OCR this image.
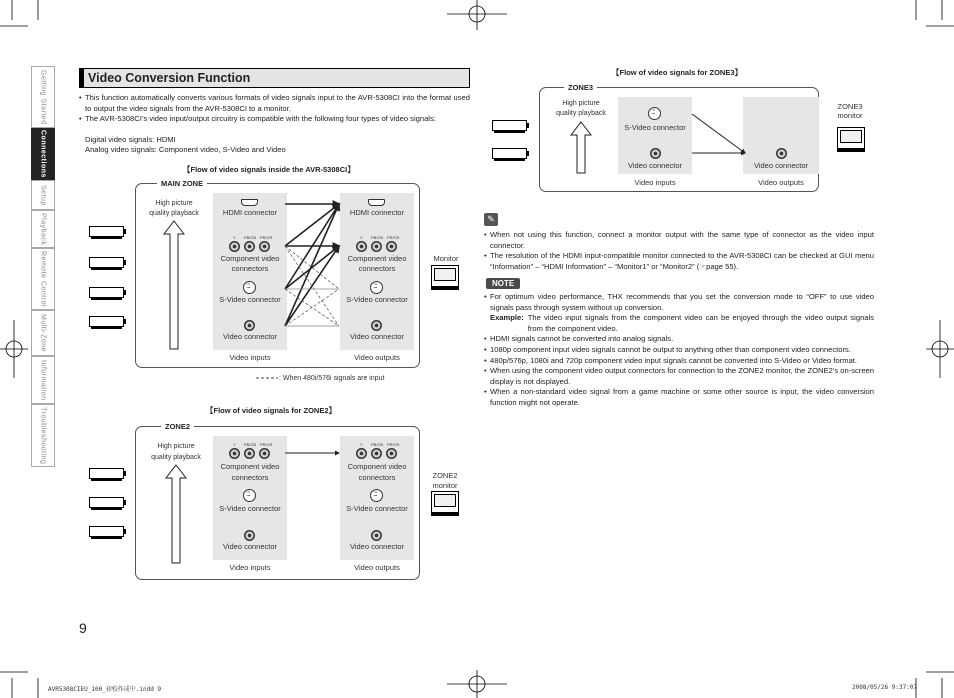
Getting Started
Connections
Setup
Playback
Remote Control
Multi-Zone
Information
Troubleshooting
Video Conversion Function
• This function automatically converts various formats of video signals input to the AVR-5308CI into the format used to output the video signals from the AVR-5308CI to a monitor.
• The AVR-5308CI’s video input/output circuitry is compatible with the following four types of video signals:
Digital video signals: HDMI
Analog video signals: Component video, S-Video and Video
【Flow of video signals inside the AVR-5308CI】
MAIN ZONE
High picture
quality playback	HDMI connector
Y PB/CB PR/CR
Component video
connectors
:::
S-Video connector
Video connector
HDMI connector
Y PB/CB PR/CR
Component video
connectors
:::
S-Video connector
Video connector
Video inputs	Video outputs
Monitor
: When 480i/576i signals are input
【Flow of video signals for ZONE2】
ZONE2
High picture
quality playback
Y PB/CB PR/CR
Component video
connectors
:::
S-Video connector
Video connector
Y PB/CB PR/CR
Component video
connectors
:::
S-Video connector
Video connector
Video inputs	Video outputs
ZONE2
monitor
【Flow of video signals for ZONE3】
ZONE3
High picture
quality playback
:::
S-Video connector
Video connector	Video connector
Video inputs	Video outputs
ZONE3
monitor
✎
• When not using this function, connect a monitor output with the same type of connector as the video input connector.
• The resolution of the HDMI input-compatible monitor connected to the AVR-5308CI can be checked at GUI menu “Information” – “HDMI Information” – “Monitor1” or “Monitor2” (☞page 55).
NOTE
• For optimum video performance, THX recommends that you set the conversion mode to “OFF” to use video signals pass through system without up conversion.
Example: The video input signals from the component video can be enjoyed through the video output signals from the component video.
• HDMI signals cannot be converted into analog signals.
• 1080p component input video signals cannot be output to anything other than component video connectors.
• 480p/576p, 1080i and 720p component video input signals cannot be converted into S-Video or Video format.
• When using the component video output connectors for connection to the ZONE2 monitor, the ZONE2’s on-screen display is not displayed.
• When a non-standard video signal from a game machine or some other source is input, the video conversion function might not operate.
9
AVR5308CIEU_100_初校作成中.indd 9	2008/05/26 9:37:07
